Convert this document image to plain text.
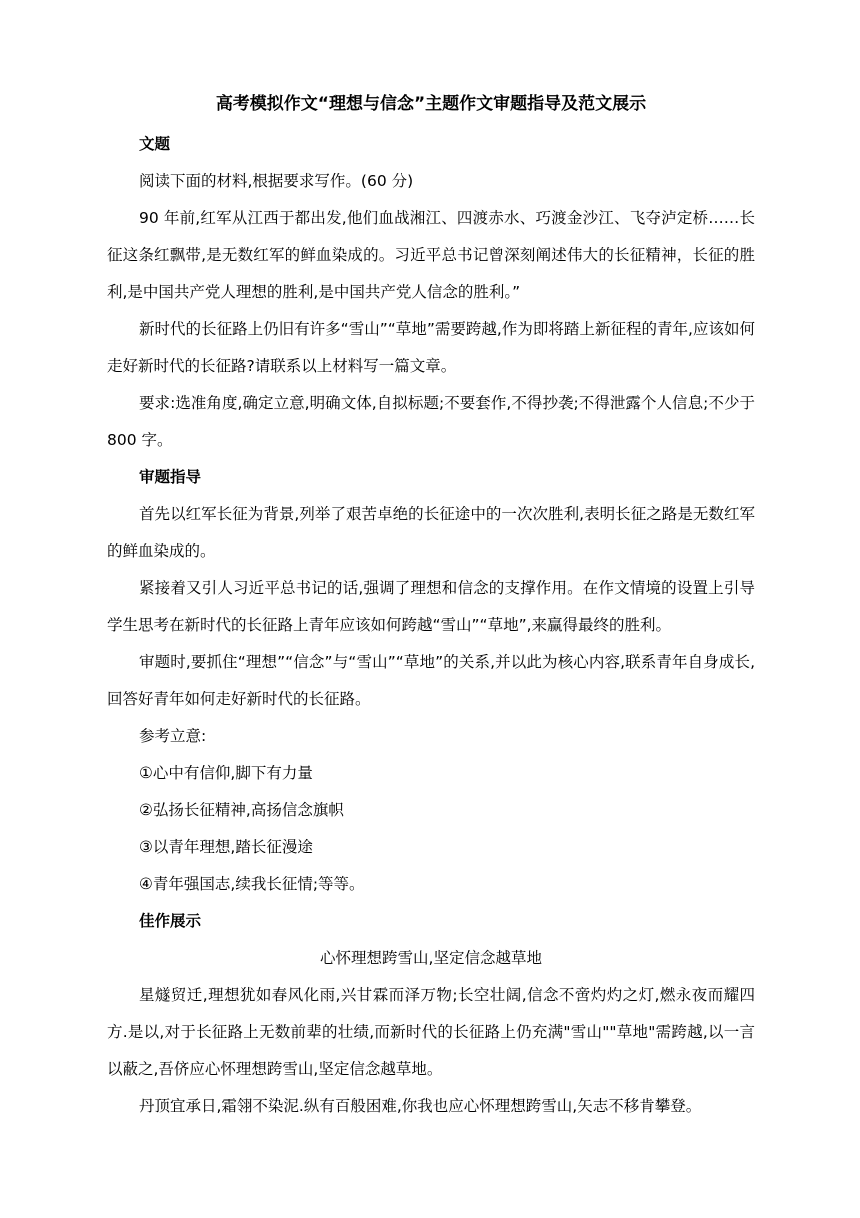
高考模拟作文“理想与信念”主题作文审题指导及范文展示

文题

阅读下面的材料,根据要求写作。(60 分)

90 年前,红军从江西于都出发,他们血战湘江、四渡赤水、巧渡金沙江、飞夺泸定桥……长征这条红飘带,是无数红军的鲜血染成的。习近平总书记曾深刻阐述伟大的长征精神，长征的胜利,是中国共产党人理想的胜利,是中国共产党人信念的胜利。”

新时代的长征路上仍旧有许多“雪山”“草地”需要跨越,作为即将踏上新征程的青年,应该如何走好新时代的长征路?请联系以上材料写一篇文章。

要求:选准角度,确定立意,明确文体,自拟标题;不要套作,不得抄袭;不得泄露个人信息;不少于 800 字。

审题指导

首先以红军长征为背景,列举了艰苦卓绝的长征途中的一次次胜利,表明长征之路是无数红军的鲜血染成的。

紧接着又引人习近平总书记的话,强调了理想和信念的支撑作用。在作文情境的设置上引导学生思考在新时代的长征路上青年应该如何跨越“雪山”“草地”,来赢得最终的胜利。

审题时,要抓住“理想”“信念”与“雪山”“草地”的关系,并以此为核心内容,联系青年自身成长,回答好青年如何走好新时代的长征路。

参考立意:

①心中有信仰,脚下有力量

②弘扬长征精神,高扬信念旗帜

③以青年理想,踏长征漫途

④青年强国志,续我长征情;等等。

佳作展示

心怀理想跨雪山,坚定信念越草地

星燧贸迁,理想犹如春风化雨,兴甘霖而泽万物;长空壮阔,信念不啻灼灼之灯,燃永夜而耀四方.是以,对于长征路上无数前辈的壮绩,而新时代的长征路上仍充满"雪山""草地"需跨越,以一言以蔽之,吾侪应心怀理想跨雪山,坚定信念越草地。

丹顶宜承日,霜翎不染泥.纵有百般困难,你我也应心怀理想跨雪山,矢志不移肯攀登。
